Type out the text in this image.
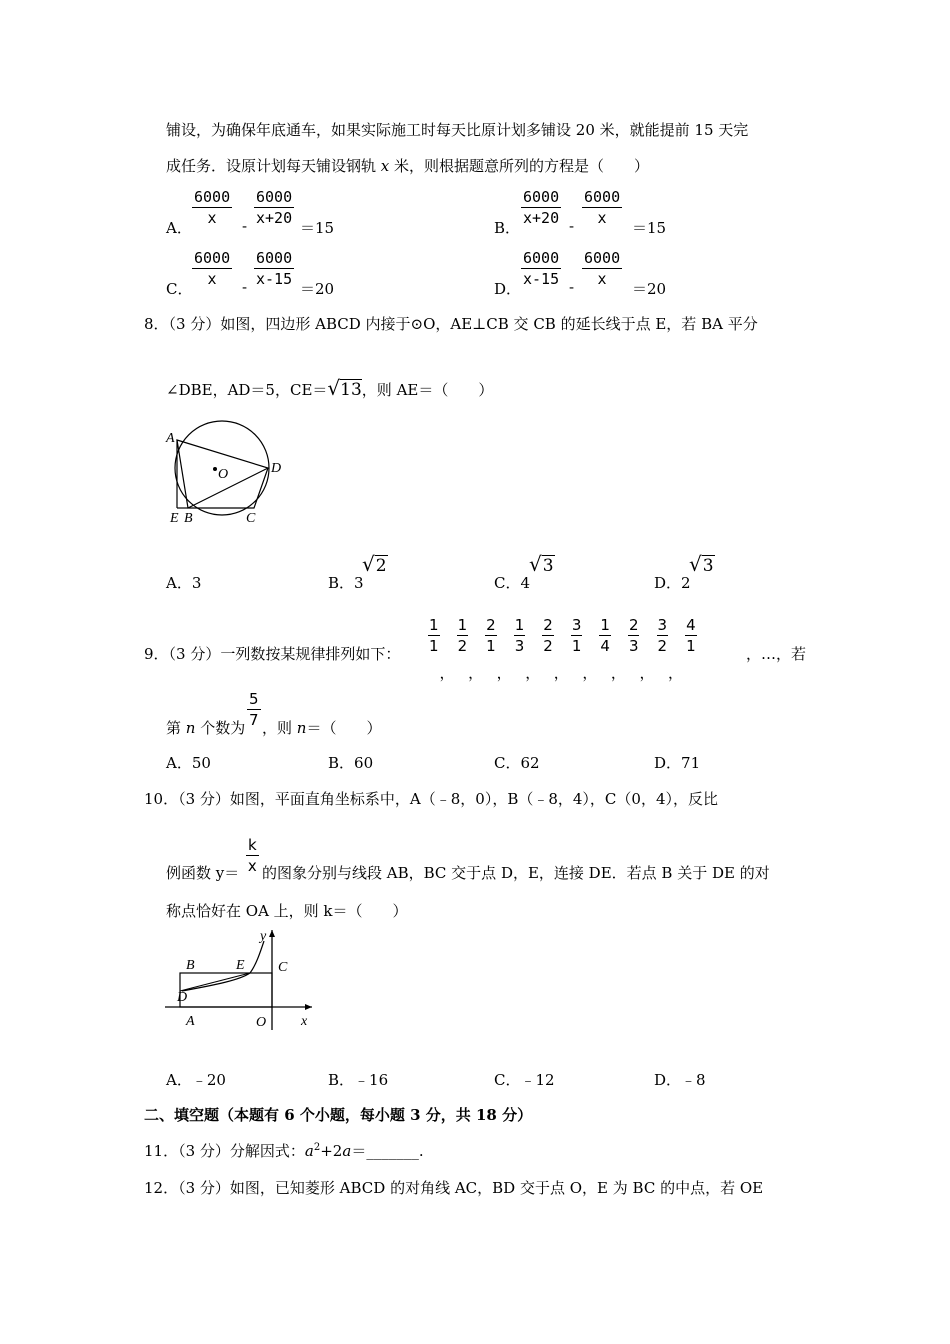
铺设，为确保年底通车，如果实际施工时每天比原计划多铺设 20 米，就能提前 15 天完
成任务．设原计划每天铺设钢轨 x 米，则根据题意所列的方程是（　　）
A．
$\frac{6000}{x} - \frac{6000}{x+20}$
＝15	B．
$\frac{6000}{x+20} - \frac{6000}{x}$
＝15
C．
$\frac{6000}{x} - \frac{6000}{x-15}$
＝20	D．
$\frac{6000}{x-15} - \frac{6000}{x}$
＝20
8．（3 分）如图，四边形 ABCD 内接于⊙O，AE⊥CB 交 CB 的延长线于点 E，若 BA 平分
∠DBE，AD＝5，CE＝√13，则 AE＝（　　）
A
D
O
E B	C
A．3	B．3
√2
C．4
√3
D．2
√3
9．（3 分）一列数按某规律排列如下： $\frac{1}{1}$
，
$\frac{1}{2}$
，
$\frac{2}{1}$
，
$\frac{1}{3}$
，
$\frac{2}{2}$
，
$\frac{3}{1}$
，
$\frac{1}{4}$
，
$\frac{2}{3}$
，
$\frac{3}{2}$
，
$\frac{4}{1}$	，…，若
第 n 个数为 $\frac{5}{7}$ ，则 n＝（　　）
A．50	B．60	C．62	D．71
10．（3 分）如图，平面直角坐标系中，A（﹣8，0），B（﹣8，4），C（0，4），反比
例函数 $y= \frac{k}{x}$ 的图象分别与线段 AB，BC 交于点 D，E，连接 DE．若点 B 关于 DE 的对
称点恰好在 OA 上，则 k＝（　　）
B	E C
D
A	O x
y
A．﹣20	B．﹣16	C．﹣12	D．﹣8
二、填空题（本题有 6 个小题，每小题 3 分，共 18 分）
11．（3 分）分解因式：$a^2+2a=\_\_\_\_\_\_\_$.
12．（3 分）如图，已知菱形 ABCD 的对角线 AC，BD 交于点 O，E 为 BC 的中点，若 OE
